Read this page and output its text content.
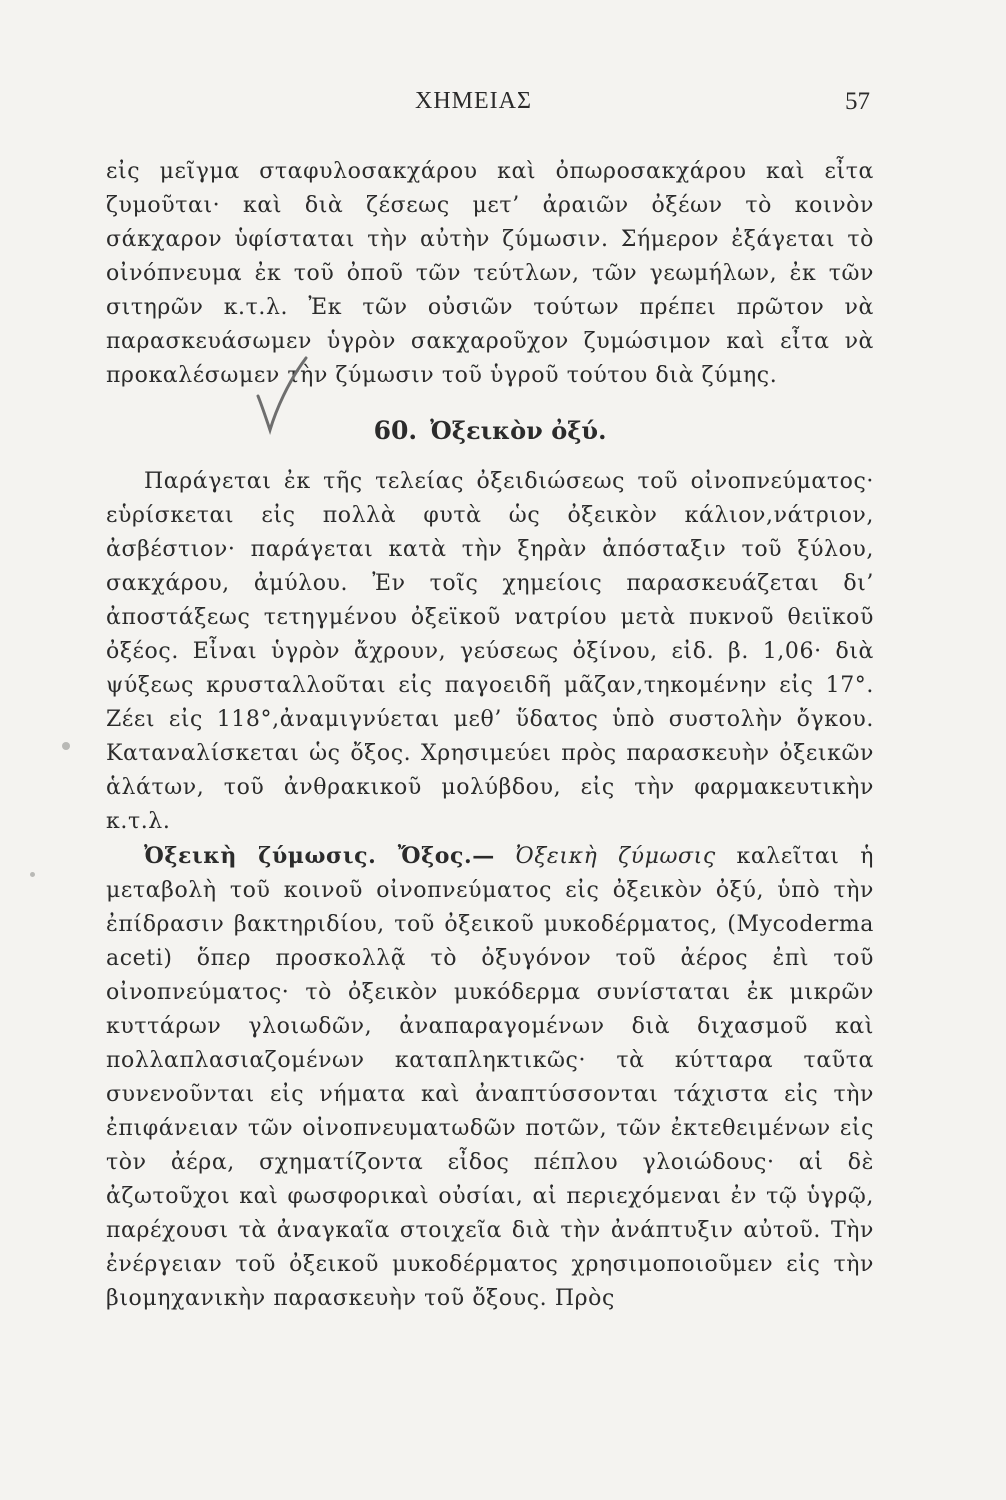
ΧΗΜΕΙΑΣ	57

εἰς μεῖγμα σταφυλοσακχάρου καὶ ὀπωροσακχάρου καὶ εἶτα ζυμοῦται· καὶ διὰ ζέσεως μετ’ ἀραιῶν ὀξέων τὸ κοινὸν σάκχαρον ὑφίσταται τὴν αὐτὴν ζύμωσιν. Σήμερον ἐξάγεται τὸ οἰνόπνευμα ἐκ τοῦ ὀποῦ τῶν τεύτλων, τῶν γεωμήλων, ἐκ τῶν σιτηρῶν κ.τ.λ. Ἐκ τῶν οὐσιῶν τούτων πρέπει πρῶτον νὰ παρασκευάσωμεν ὑγρὸν σακχαροῦχον ζυμώσιμον καὶ εἶτα νὰ προκαλέσωμεν τὴν ζύμωσιν τοῦ ὑγροῦ τούτου διὰ ζύμης.

60. Ὀξεικὸν ὀξύ.

Παράγεται ἐκ τῆς τελείας ὀξειδιώσεως τοῦ οἰνοπνεύματος· εὑρίσκεται εἰς πολλὰ φυτὰ ὡς ὀξεικὸν κάλιον,νάτριον, ἀσβέστιον· παράγεται κατὰ τὴν ξηρὰν ἀπόσταξιν τοῦ ξύλου, σακχάρου, ἀμύλου. Ἐν τοῖς χημείοις παρασκευάζεται δι’ ἀποστάξεως τετηγμένου ὀξεϊκοῦ νατρίου μετὰ πυκνοῦ θειϊκοῦ ὀξέος. Εἶναι ὑγρὸν ἄχρουν, γεύσεως ὀξίνου, εἰδ. β. 1,06· διὰ ψύξεως κρυσταλλοῦται εἰς παγοειδῆ μᾶζαν,τηκομένην εἰς 17°. Ζέει εἰς 118°,ἀναμιγνύεται μεθ’ ὕδατος ὑπὸ συστολὴν ὄγκου. Καταναλίσκεται ὡς ὄξος. Χρησιμεύει πρὸς παρασκευὴν ὀξεικῶν ἁλάτων, τοῦ ἀνθρακικοῦ μολύβδου, εἰς τὴν φαρμακευτικὴν κ.τ.λ.

Ὀξεικὴ ζύμωσις. Ὄξος.— Ὀξεικὴ ζύμωσις καλεῖται ἡ μεταβολὴ τοῦ κοινοῦ οἰνοπνεύματος εἰς ὀξεικὸν ὀξύ, ὑπὸ τὴν ἐπίδρασιν βακτηριδίου, τοῦ ὀξεικοῦ μυκοδέρματος, (Mycoderma aceti) ὅπερ προσκολλᾷ τὸ ὀξυγόνον τοῦ ἀέρος ἐπὶ τοῦ οἰνοπνεύματος· τὸ ὀξεικὸν μυκόδερμα συνίσταται ἐκ μικρῶν κυττάρων γλοιωδῶν, ἀναπαραγομένων διὰ διχασμοῦ καὶ πολλαπλασιαζομένων καταπληκτικῶς· τὰ κύτταρα ταῦτα συνενοῦνται εἰς νήματα καὶ ἀναπτύσσονται τάχιστα εἰς τὴν ἐπιφάνειαν τῶν οἰνοπνευματωδῶν ποτῶν, τῶν ἐκτεθειμένων εἰς τὸν ἀέρα, σχηματίζοντα εἶδος πέπλου γλοιώδους· αἱ δὲ ἀζωτοῦχοι καὶ φωσφορικαὶ οὐσίαι, αἱ περιεχόμεναι ἐν τῷ ὑγρῷ, παρέχουσι τὰ ἀναγκαῖα στοιχεῖα διὰ τὴν ἀνάπτυξιν αὐτοῦ. Τὴν ἐνέργειαν τοῦ ὀξεικοῦ μυκοδέρματος χρησιμοποιοῦμεν εἰς τὴν βιομηχανικὴν παρασκευὴν τοῦ ὄξους. Πρὸς
